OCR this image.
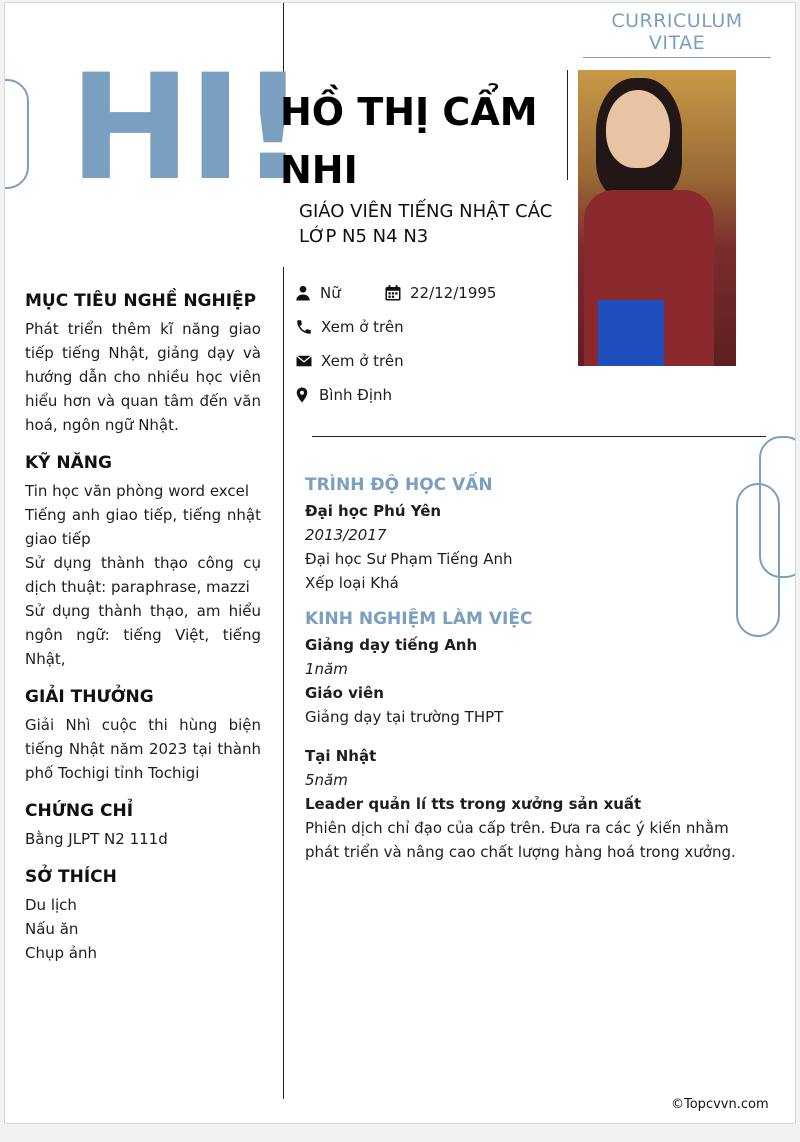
CURRICULUM VITAE
HI!
HỒ THỊ CẨM NHI
GIÁO VIÊN TIẾNG NHẬT CÁC LỚP N5 N4 N3
Nữ	22/12/1995
Xem ở trên
Xem ở trên
Bình Định
MỤC TIÊU NGHỀ NGHIỆP
Phát triển thêm kĩ năng giao tiếp tiếng Nhật, giảng dạy và hướng dẫn cho nhiều học viên hiểu hơn và quan tâm đến văn hoá, ngôn ngữ Nhật.
KỸ NĂNG
Tin học văn phòng word excel
Tiếng anh giao tiếp, tiếng nhật giao tiếp
Sử dụng thành thạo công cụ dịch thuật: paraphrase, mazzi
Sử dụng thành thạo, am hiểu ngôn ngữ: tiếng Việt, tiếng Nhật,
GIẢI THƯỞNG
Giải Nhì cuộc thi hùng biện tiếng Nhật năm 2023 tại thành phố Tochigi tỉnh Tochigi
CHỨNG CHỈ
Bằng JLPT N2 111d
SỞ THÍCH
Du lịch
Nấu ăn
Chụp ảnh
TRÌNH ĐỘ HỌC VẤN
Đại học Phú Yên
2013/2017
Đại học Sư Phạm Tiếng Anh
Xếp loại Khá
KINH NGHIỆM LÀM VIỆC
Giảng dạy tiếng Anh
1năm
Giáo viên
Giảng dạy tại trường THPT
Tại Nhật
5năm
Leader quản lí tts trong xưởng sản xuất
Phiên dịch chỉ đạo của cấp trên. Đưa ra các ý kiến nhằm phát triển và nâng cao chất lượng hàng hoá trong xưởng.
©Topcvvn.com
